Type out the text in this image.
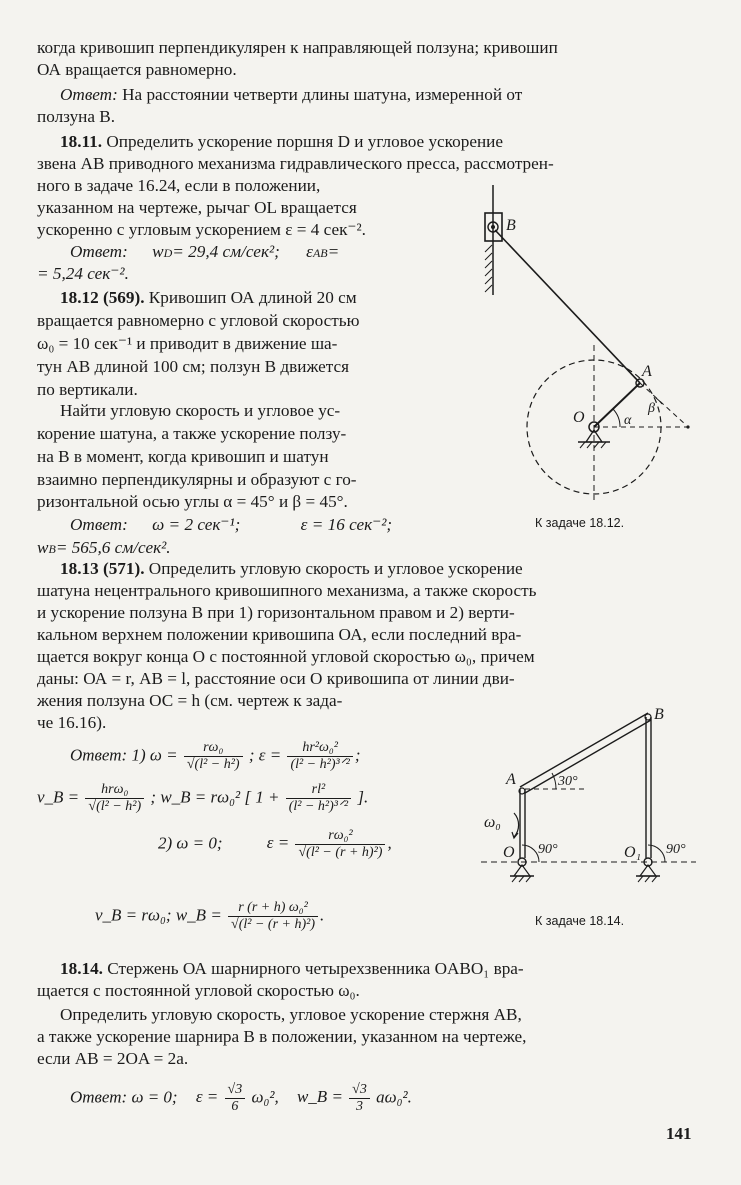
когда кривошип перпендикулярен к направляющей ползуна; кривошип
ОА вращается равномерно.
Ответ: На расстоянии четверти длины шатуна, измеренной от
ползуна В.
18.11. Определить ускорение поршня D и угловое ускорение
звена АВ приводного механизма гидравлического пресса, рассмотрен-
ного в задаче 16.24, если в положении,
указанном на чертеже, рычаг OL вращается
ускоренно с угловым ускорением ε = 4 сек⁻².
Ответ: wD= 29,4 см/сек²; εAB=
= 5,24 сек⁻².
18.12 (569). Кривошип ОА длиной 20 см
вращается равномерно с угловой скоростью
ω₀ = 10 сек⁻¹ и приводит в движение ша-
тун АВ длиной 100 см; ползун В движется
по вертикали.
Найти угловую скорость и угловое ус-
корение шатуна, а также ускорение ползу-
на В в момент, когда кривошип и шатун
взаимно перпендикулярны и образуют с го-
ризонтальной осью углы α = 45° и β = 45°.
Ответ: ω = 2 сек⁻¹;	ε = 16 сек⁻²;
wB= 565,6 см/сек².
К задаче 18.12.
B
A
α
β
O
18.13 (571). Определить угловую скорость и угловое ускорение
шатуна нецентрального кривошипного механизма, а также скорость
и ускорение ползуна В при 1) горизонтальном правом и 2) верти-
кальном верхнем положении кривошипа ОА, если последний вра-
щается вокруг конца О с постоянной угловой скоростью ω₀, причем
даны: ОА = r, АВ = l, расстояние оси О кривошипа от линии дви-
жения ползуна ОС = h (см. чертеж к зада-
че 16.16).
Ответ: 1) $\omega = \frac{\text{rω₀}}{\text{√(l² − h²)}}$ ; $\varepsilon = \frac{\text{hr²ω₀²}}{\text{(l² − h²)³ᐟ²}}$ ;
v_B = $\frac{\text{hrω₀}}{\text{√(l² − h²)}}$ ; w_B = rω₀² [ $1 + \frac{\text{rl²}}{\text{(l² − h²)³ᐟ²}}$ ].
2) ω = 0;	$\varepsilon = \frac{\text{rω₀²}}{\text{√(l² − (r + h)²)}}$ ,
v_B = rω₀; w_B = $\frac{\text{r (r + h) ω₀²}}{\text{√(l² − (r + h)²)}}$ .	К задаче 18.14.
30°
90°	90°
ω₀
A
B
O	O₁
18.14. Стержень ОА шарнирного четырехзвенника OABO₁ вра-
щается с постоянной угловой скоростью ω₀.
Определить угловую скорость, угловое ускорение стержня АВ,
а также ускорение шарнира В в положении, указанном на чертеже,
если AB = 2OA = 2a.
Ответ: ω = 0; $\varepsilon = \frac{√3}{6} \omega_0^2$, w_B = $\frac{√3}{3} a\omega_0^2$.
141
